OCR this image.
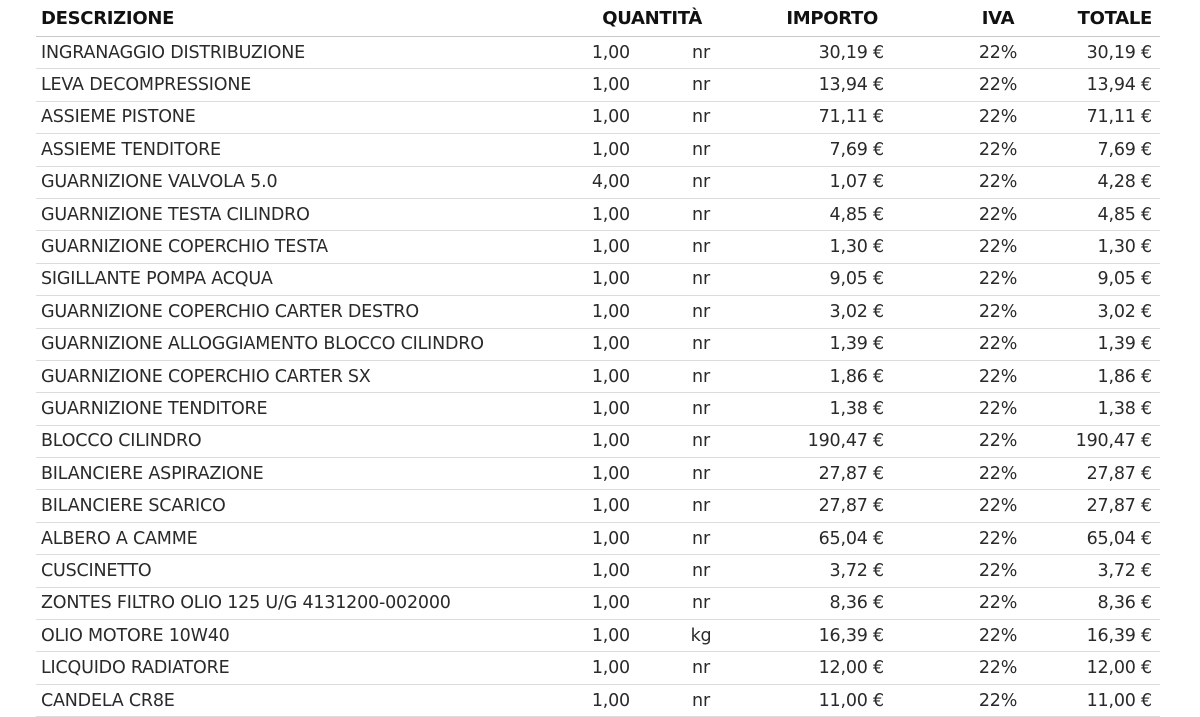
DESCRIZIONE	QUANTITÀ	IMPORTO	IVA	TOTALE
INGRANAGGIO DISTRIBUZIONE	1,00	nr	30,19 €	22%	30,19 €
LEVA DECOMPRESSIONE	1,00	nr	13,94 €	22%	13,94 €
ASSIEME PISTONE	1,00	nr	71,11 €	22%	71,11 €
ASSIEME TENDITORE	1,00	nr	7,69 €	22%	7,69 €
GUARNIZIONE VALVOLA 5.0	4,00	nr	1,07 €	22%	4,28 €
GUARNIZIONE TESTA CILINDRO	1,00	nr	4,85 €	22%	4,85 €
GUARNIZIONE COPERCHIO TESTA	1,00	nr	1,30 €	22%	1,30 €
SIGILLANTE POMPA ACQUA	1,00	nr	9,05 €	22%	9,05 €
GUARNIZIONE COPERCHIO CARTER DESTRO	1,00	nr	3,02 €	22%	3,02 €
GUARNIZIONE ALLOGGIAMENTO BLOCCO CILINDRO	1,00	nr	1,39 €	22%	1,39 €
GUARNIZIONE COPERCHIO CARTER SX	1,00	nr	1,86 €	22%	1,86 €
GUARNIZIONE TENDITORE	1,00	nr	1,38 €	22%	1,38 €
BLOCCO CILINDRO	1,00	nr	190,47 €	22%	190,47 €
BILANCIERE ASPIRAZIONE	1,00	nr	27,87 €	22%	27,87 €
BILANCIERE SCARICO	1,00	nr	27,87 €	22%	27,87 €
ALBERO A CAMME	1,00	nr	65,04 €	22%	65,04 €
CUSCINETTO	1,00	nr	3,72 €	22%	3,72 €
ZONTES FILTRO OLIO 125 U/G 4131200-002000	1,00	nr	8,36 €	22%	8,36 €
OLIO MOTORE 10W40	1,00	kg	16,39 €	22%	16,39 €
LICQUIDO RADIATORE	1,00	nr	12,00 €	22%	12,00 €
CANDELA CR8E	1,00	nr	11,00 €	22%	11,00 €
